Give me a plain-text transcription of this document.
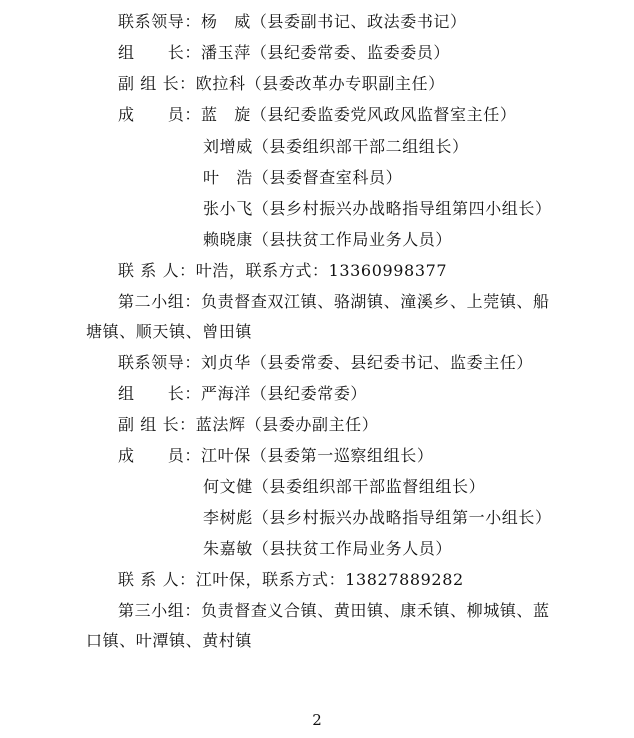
联系领导：杨　威（县委副书记、政法委书记）
组　　长：潘玉萍（县纪委常委、监委委员）
副 组 长：欧拉科（县委改革办专职副主任）
成　　员：蓝　旋（县纪委监委党风政风监督室主任）
刘增威（县委组织部干部二组组长）
叶　浩（县委督查室科员）
张小飞（县乡村振兴办战略指导组第四小组长）
赖晓康（县扶贫工作局业务人员）
联 系 人：叶浩，联系方式：13360998377
第二小组：负责督查双江镇、骆湖镇、潼溪乡、上莞镇、船
塘镇、顺天镇、曾田镇
联系领导：刘贞华（县委常委、县纪委书记、监委主任）
组　　长：严海洋（县纪委常委）
副 组 长：蓝法辉（县委办副主任）
成　　员：江叶保（县委第一巡察组组长）
何文健（县委组织部干部监督组组长）
李树彪（县乡村振兴办战略指导组第一小组长）
朱嘉敏（县扶贫工作局业务人员）
联 系 人：江叶保，联系方式：13827889282
第三小组：负责督查义合镇、黄田镇、康禾镇、柳城镇、蓝
口镇、叶潭镇、黄村镇
2
